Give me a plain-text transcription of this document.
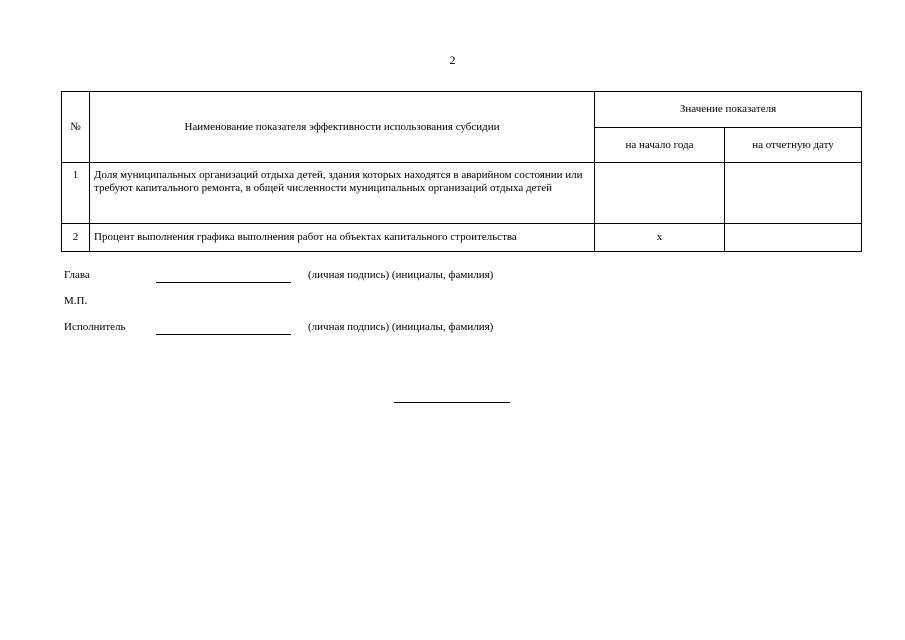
2
№	Наименование показателя эффективности использования субсидии	Значение показателя	
		на начало года	на отчетную дату
1	Доля муниципальных организаций отдыха детей, здания которых находятся в аварийном состоянии или требуют капитального ремонта, в общей численности муниципальных организаций отдыха детей		
2	Процент выполнения графика выполнения работ на объектах капитального строительства	x	
Глава	(личная подпись) (инициалы, фамилия)
М.П.
Исполнитель	(личная подпись) (инициалы, фамилия)
